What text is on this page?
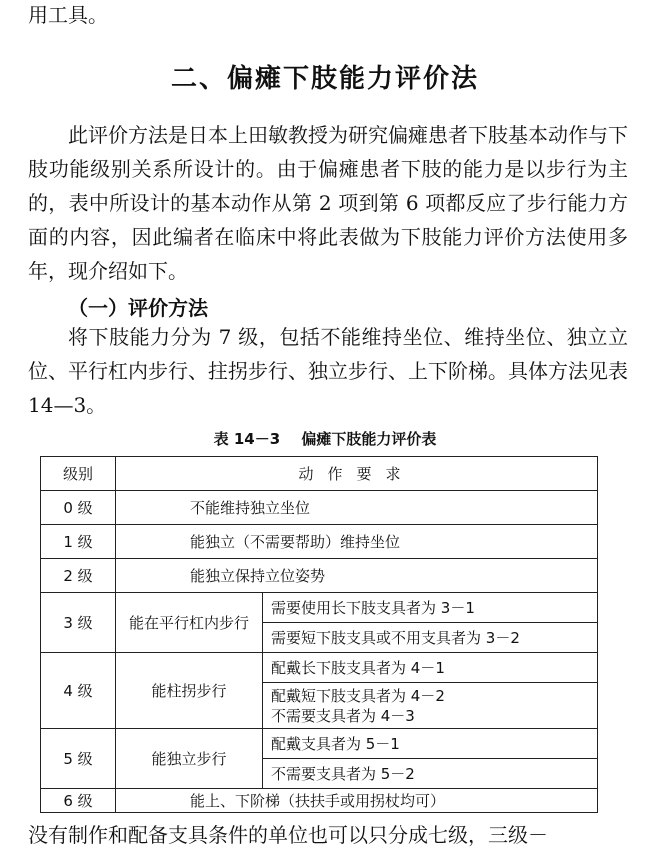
用工具。

二、偏瘫下肢能力评价法

此评价方法是日本上田敏教授为研究偏瘫患者下肢基本动作与下肢功能级别关系所设计的。由于偏瘫患者下肢的能力是以步行为主的，表中所设计的基本动作从第 2 项到第 6 项都反应了步行能力方面的内容，因此编者在临床中将此表做为下肢能力评价方法使用多年，现介绍如下。

（一）评价方法

将下肢能力分为 7 级，包括不能维持坐位、维持坐位、独立立位、平行杠内步行、拄拐步行、独立步行、上下阶梯。具体方法见表 14—3。

表 14－3 偏瘫下肢能力评价表
级别	动作要求	
0 级	不能维持独立坐位	
1 级	能独立（不需要帮助）维持坐位	
2 级	能独立保持立位姿势	
3 级	能在平行杠内步行	需要使用长下肢支具者为 3－1
		需要短下肢支具或不用支具者为 3－2
4 级	能柱拐步行	配戴长下肢支具者为 4－1
		配戴短下肢支具者为 4－2
不需要支具者为 4－3
5 级	能独立步行	配戴支具者为 5－1
		不需要支具者为 5－2
6 级	能上、下阶梯（扶扶手或用拐杖均可）	

没有制作和配备支具条件的单位也可以只分成七级，三级－
